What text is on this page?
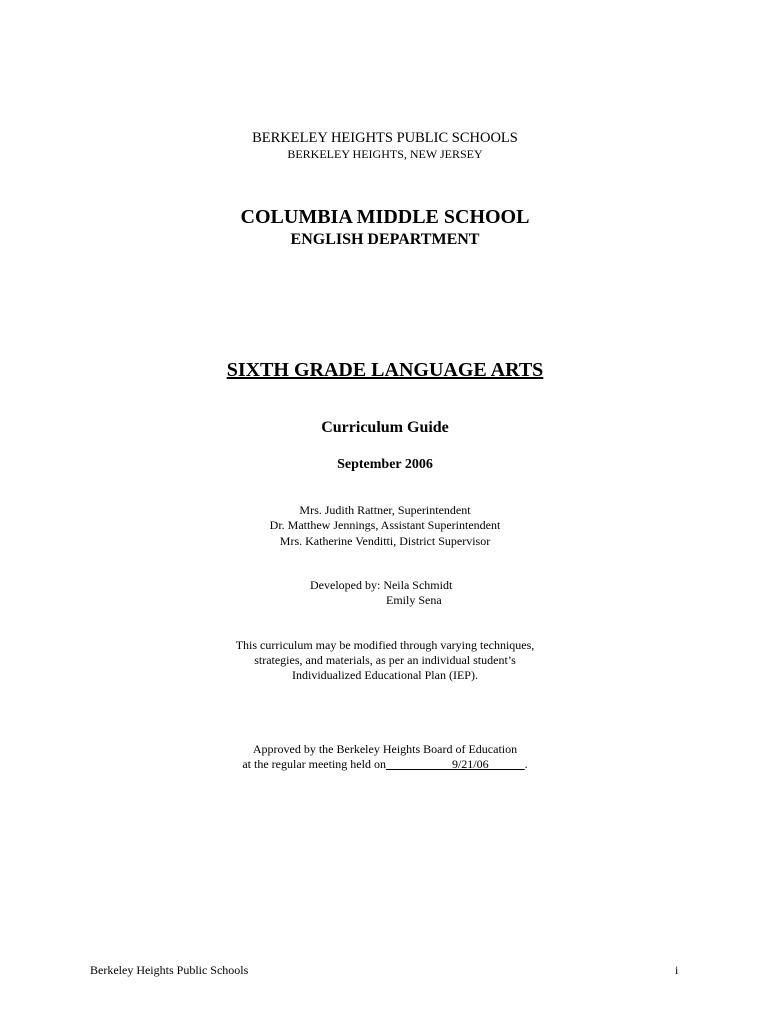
BERKELEY HEIGHTS PUBLIC SCHOOLS
BERKELEY HEIGHTS, NEW JERSEY
COLUMBIA MIDDLE SCHOOL
ENGLISH DEPARTMENT
SIXTH GRADE LANGUAGE ARTS
Curriculum Guide
September 2006
Mrs. Judith Rattner, Superintendent
Dr. Matthew Jennings, Assistant Superintendent
Mrs. Katherine Venditti, District Supervisor
Developed by: Neila Schmidt
Emily Sena
This curriculum may be modified through varying techniques,
strategies, and materials, as per an individual student’s
Individualized Educational Plan (IEP).
Approved by the Berkeley Heights Board of Education
at the regular meeting held on___________9/21/06______.
Berkeley Heights Public Schools	i
